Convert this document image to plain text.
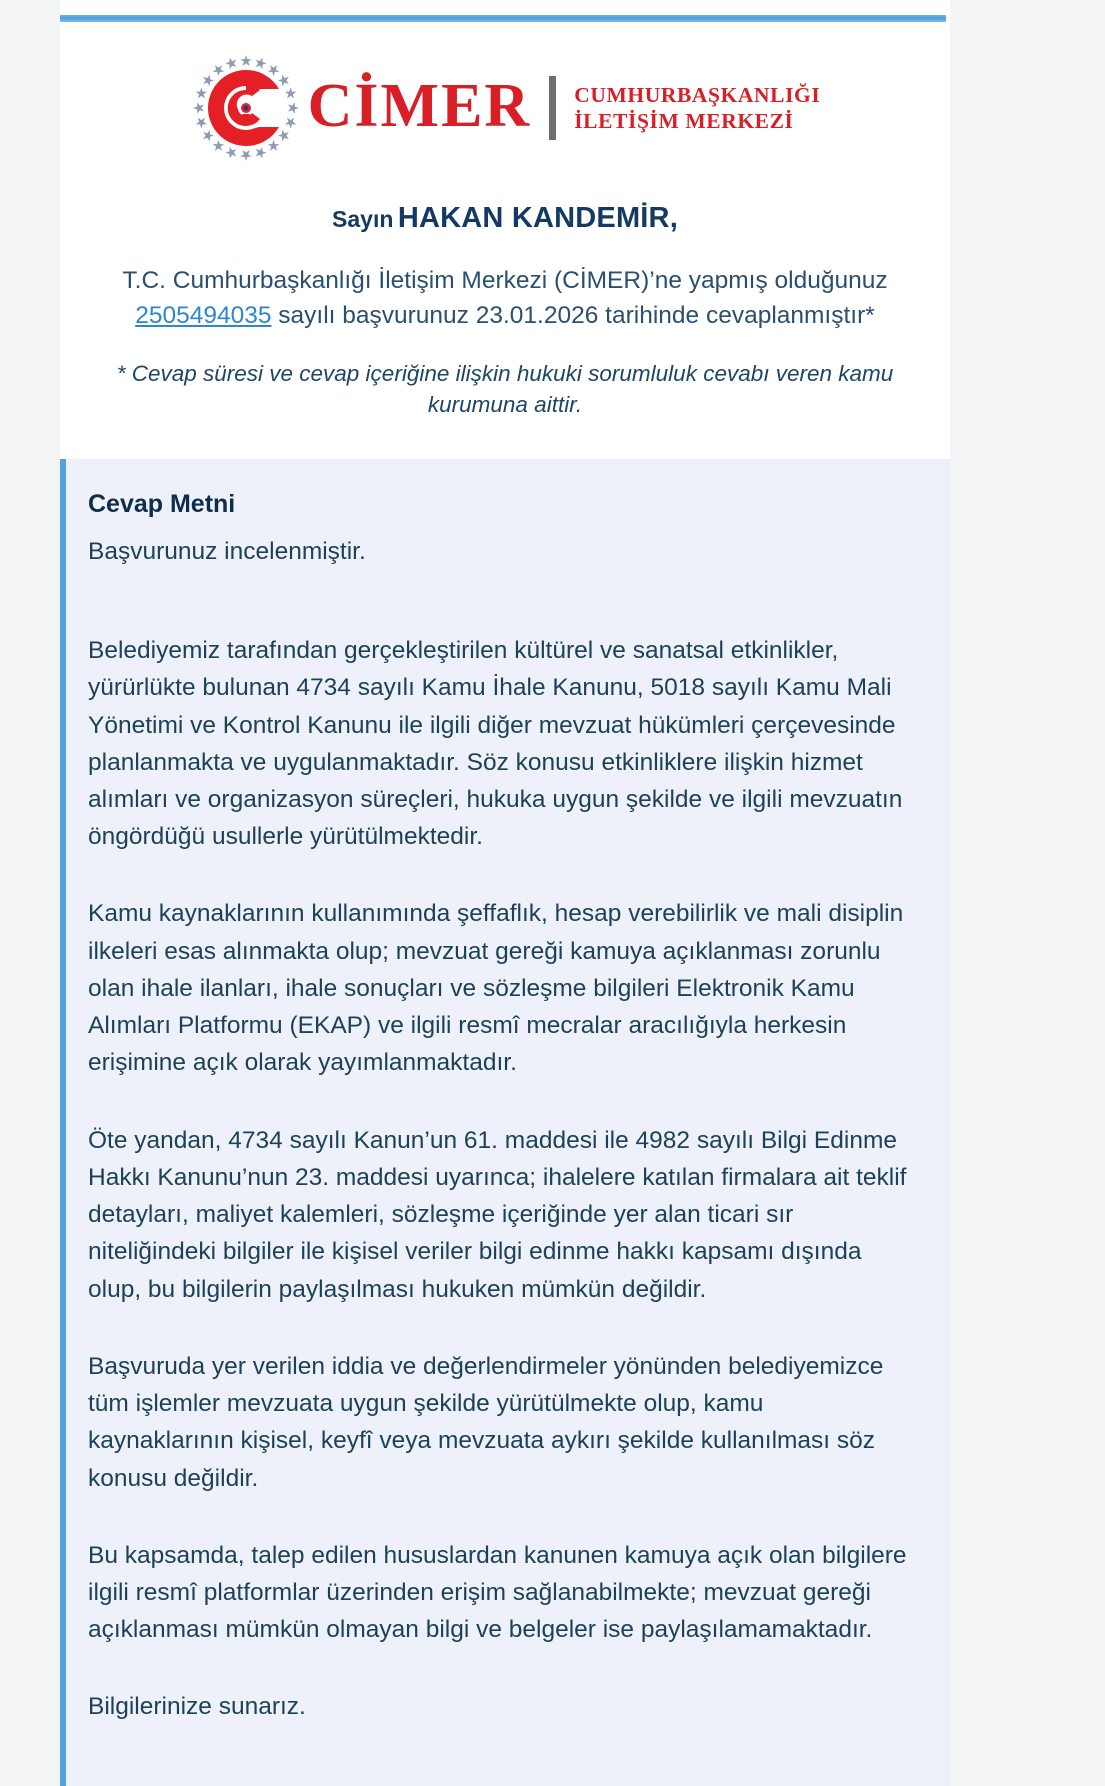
CİMER CUMHURBAŞKANLIĞI
İLETİŞİM MERKEZİ
Sayın HAKAN KANDEMİR,
T.C. Cumhurbaşkanlığı İletişim Merkezi (CİMER)’ne yapmış olduğunuz 2505494035 sayılı başvurunuz 23.01.2026 tarihinde cevaplanmıştır*
* Cevap süresi ve cevap içeriğine ilişkin hukuki sorumluluk cevabı veren kamu kurumuna aittir.
Cevap Metni

Başvurunuz incelenmiştir.

Belediyemiz tarafından gerçekleştirilen kültürel ve sanatsal etkinlikler, yürürlükte bulunan 4734 sayılı Kamu İhale Kanunu, 5018 sayılı Kamu Mali Yönetimi ve Kontrol Kanunu ile ilgili diğer mevzuat hükümleri çerçevesinde planlanmakta ve uygulanmaktadır. Söz konusu etkinliklere ilişkin hizmet alımları ve organizasyon süreçleri, hukuka uygun şekilde ve ilgili mevzuatın öngördüğü usullerle yürütülmektedir.

Kamu kaynaklarının kullanımında şeffaflık, hesap verebilirlik ve mali disiplin ilkeleri esas alınmakta olup; mevzuat gereği kamuya açıklanması zorunlu olan ihale ilanları, ihale sonuçları ve sözleşme bilgileri Elektronik Kamu Alımları Platformu (EKAP) ve ilgili resmî mecralar aracılığıyla herkesin erişimine açık olarak yayımlanmaktadır.

Öte yandan, 4734 sayılı Kanun’un 61. maddesi ile 4982 sayılı Bilgi Edinme Hakkı Kanunu’nun 23. maddesi uyarınca; ihalelere katılan firmalara ait teklif detayları, maliyet kalemleri, sözleşme içeriğinde yer alan ticari sır niteliğindeki bilgiler ile kişisel veriler bilgi edinme hakkı kapsamı dışında olup, bu bilgilerin paylaşılması hukuken mümkün değildir.

Başvuruda yer verilen iddia ve değerlendirmeler yönünden belediyemizce tüm işlemler mevzuata uygun şekilde yürütülmekte olup, kamu kaynaklarının kişisel, keyfî veya mevzuata aykırı şekilde kullanılması söz konusu değildir.

Bu kapsamda, talep edilen hususlardan kanunen kamuya açık olan bilgilere ilgili resmî platformlar üzerinden erişim sağlanabilmekte; mevzuat gereği açıklanması mümkün olmayan bilgi ve belgeler ise paylaşılamamaktadır.

Bilgilerinize sunarız.
